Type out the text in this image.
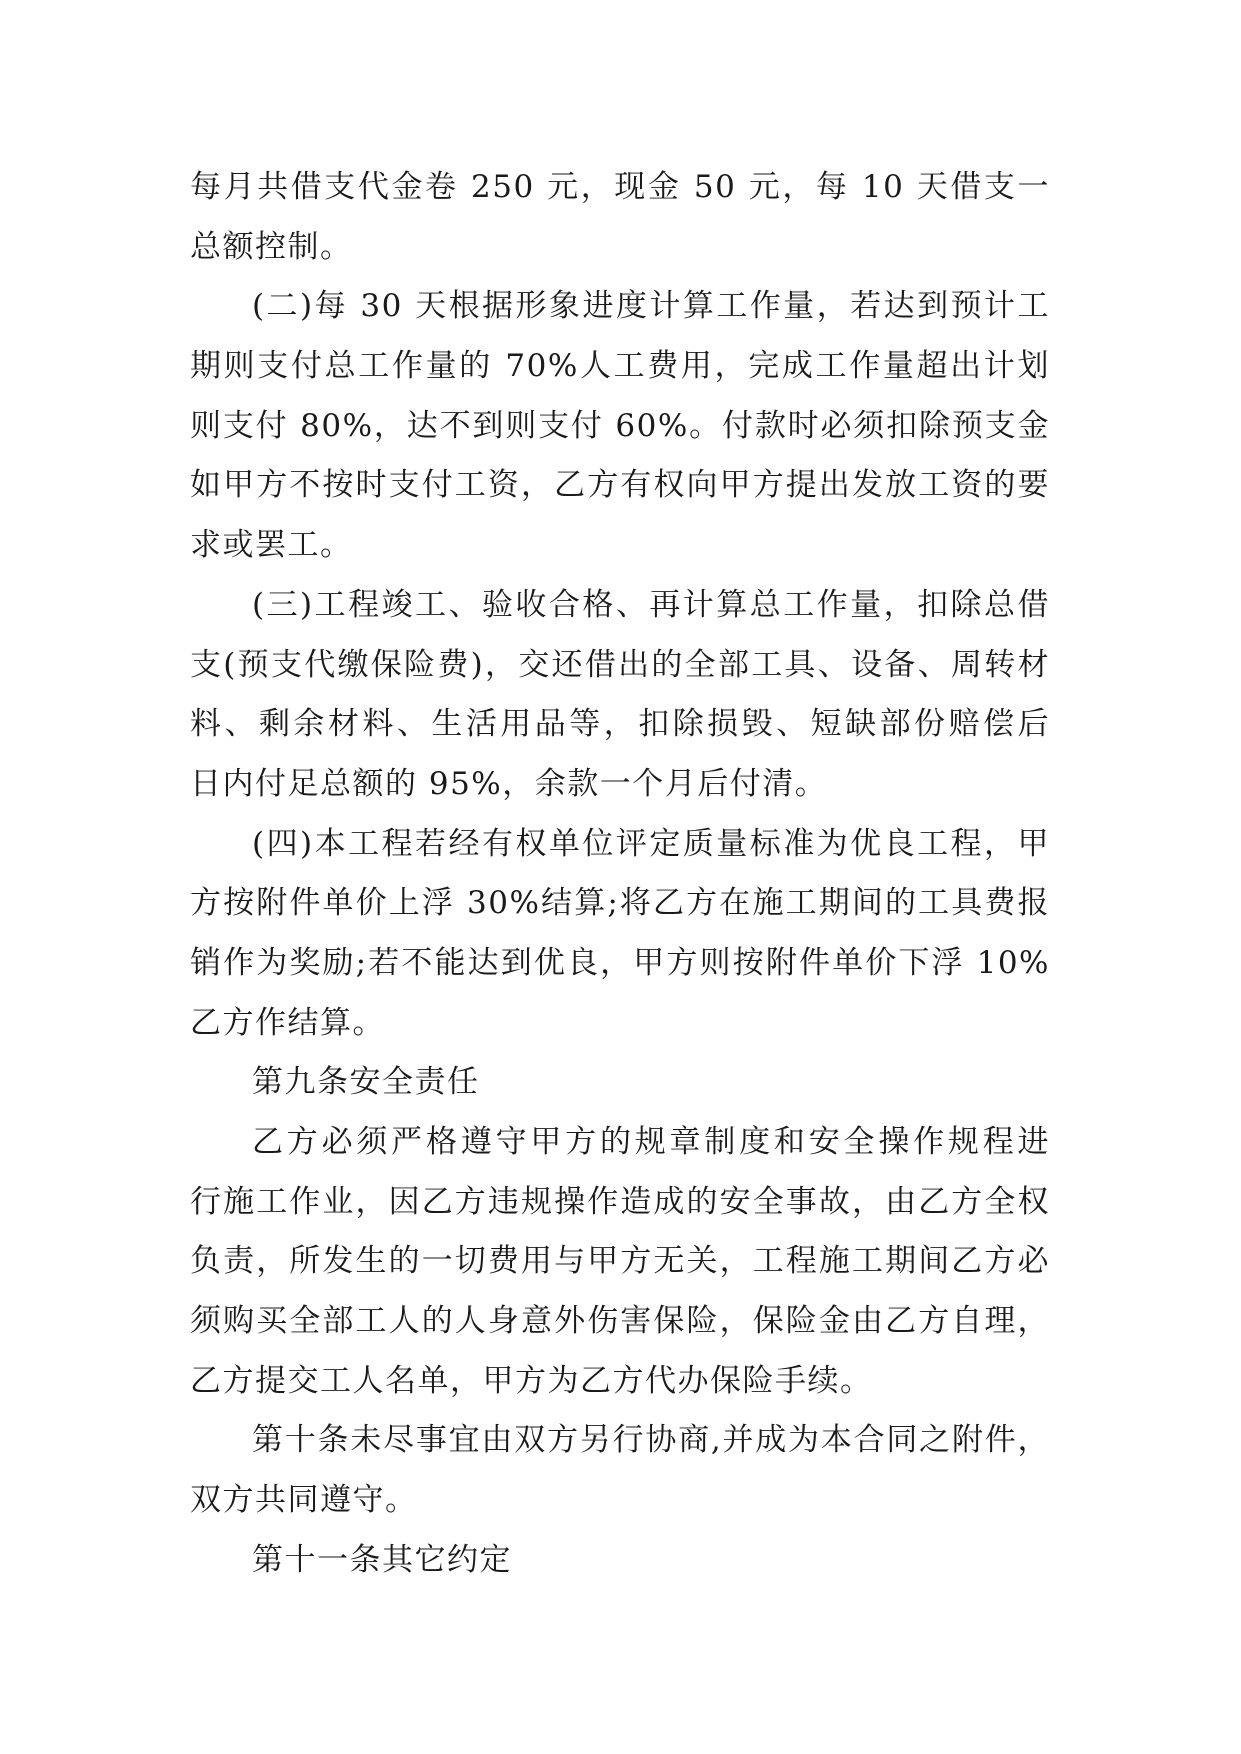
每月共借支代金卷 250 元，现金 50 元，每 10 天借支一
总额控制。
(二)每 30 天根据形象进度计算工作量，若达到预计工
期则支付总工作量的 70%人工费用，完成工作量超出计划
则支付 80%，达不到则支付 60%。付款时必须扣除预支金
如甲方不按时支付工资，乙方有权向甲方提出发放工资的要
求或罢工。
(三)工程竣工、验收合格、再计算总工作量，扣除总借
支(预支代缴保险费)，交还借出的全部工具、设备、周转材
料、剩余材料、生活用品等，扣除损毁、短缺部份赔偿后
日内付足总额的 95%，余款一个月后付清。
(四)本工程若经有权单位评定质量标准为优良工程，甲
方按附件单价上浮 30%结算;将乙方在施工期间的工具费报
销作为奖励;若不能达到优良，甲方则按附件单价下浮 10%
乙方作结算。
第九条安全责任
乙方必须严格遵守甲方的规章制度和安全操作规程进
行施工作业，因乙方违规操作造成的安全事故，由乙方全权
负责，所发生的一切费用与甲方无关，工程施工期间乙方必
须购买全部工人的人身意外伤害保险，保险金由乙方自理，
乙方提交工人名单，甲方为乙方代办保险手续。
第十条未尽事宜由双方另行协商,并成为本合同之附件，
双方共同遵守。
第十一条其它约定
